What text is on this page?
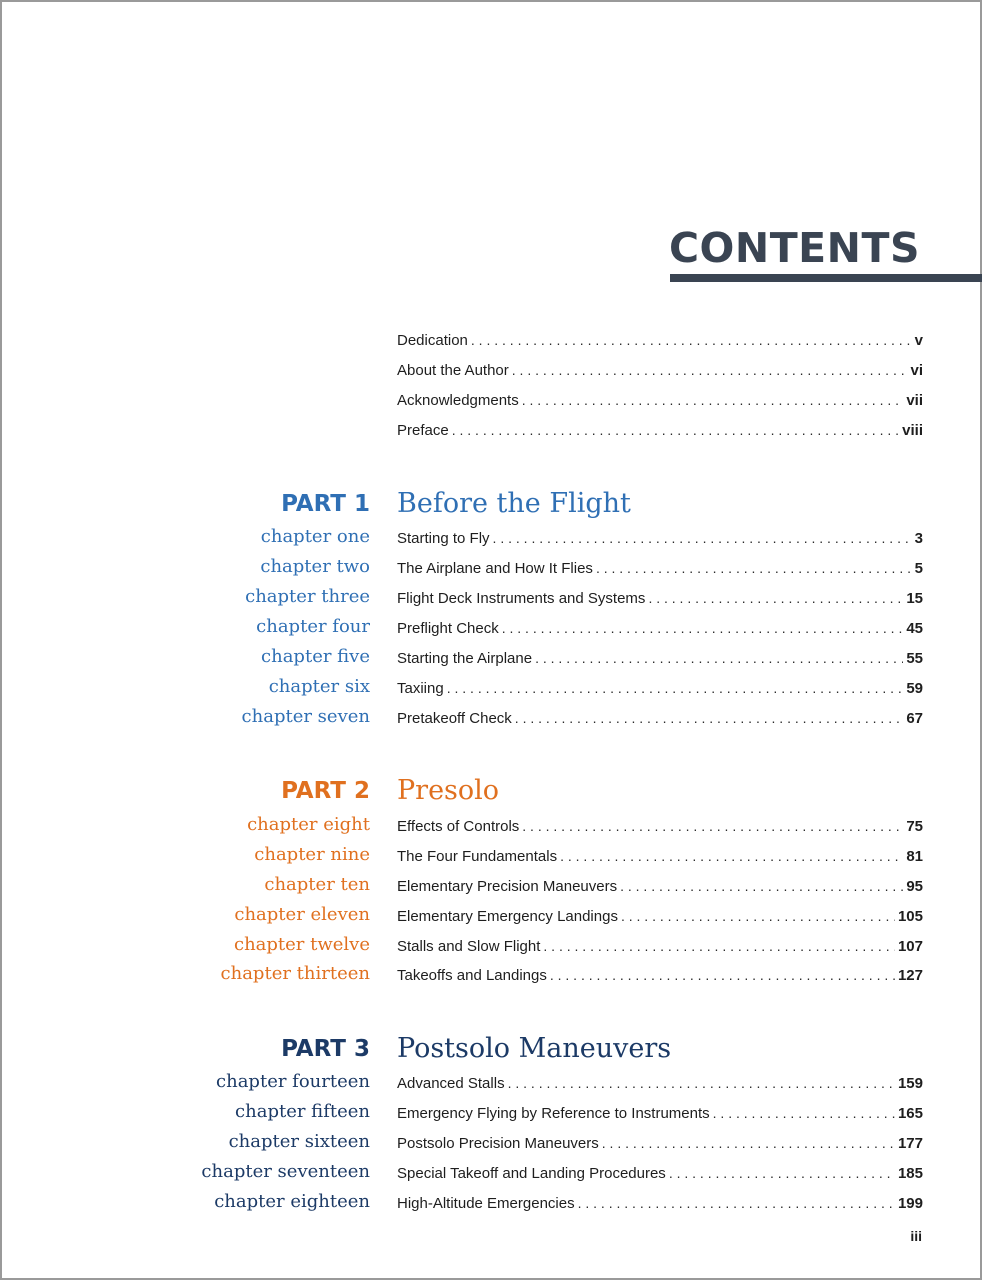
CONTENTS
Dedication . . .	v
About the Author . . .	vi
Acknowledgments . . .	vii
Preface . . .	viii
PART 1 Before the Flight
chapter one Starting to Fly . . .	3
chapter two The Airplane and How It Flies . . .	5
chapter three Flight Deck Instruments and Systems . . .	15
chapter four Preflight Check . . .	45
chapter five Starting the Airplane . . .	55
chapter six Taxiing . . .	59
chapter seven Pretakeoff Check . . .	67
PART 2 Presolo
chapter eight Effects of Controls . . .	75
chapter nine The Four Fundamentals . . .	81
chapter ten Elementary Precision Maneuvers . . .	95
chapter eleven Elementary Emergency Landings . . .	105
chapter twelve Stalls and Slow Flight . . .	107
chapter thirteen Takeoffs and Landings . . .	127
PART 3 Postsolo Maneuvers
chapter fourteen Advanced Stalls . . .	159
chapter fifteen Emergency Flying by Reference to Instruments . . .	165
chapter sixteen Postsolo Precision Maneuvers . . .	177
chapter seventeen Special Takeoff and Landing Procedures . . .	185
chapter eighteen High-Altitude Emergencies . . .	199
iii
